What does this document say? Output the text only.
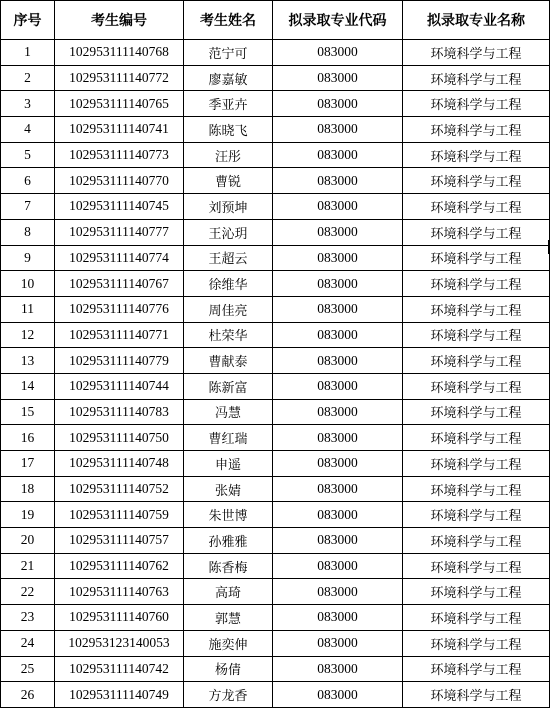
序号	考生编号	考生姓名	拟录取专业代码	拟录取专业名称
1	102953111140768	范宁可	083000	环境科学与工程
2	102953111140772	廖嘉敏	083000	环境科学与工程
3	102953111140765	季亚卉	083000	环境科学与工程
4	102953111140741	陈晓飞	083000	环境科学与工程
5	102953111140773	汪彤	083000	环境科学与工程
6	102953111140770	曹锐	083000	环境科学与工程
7	102953111140745	刘预坤	083000	环境科学与工程
8	102953111140777	王沁玥	083000	环境科学与工程
9	102953111140774	王超云	083000	环境科学与工程
10	102953111140767	徐维华	083000	环境科学与工程
11	102953111140776	周佳亮	083000	环境科学与工程
12	102953111140771	杜荣华	083000	环境科学与工程
13	102953111140779	曹献泰	083000	环境科学与工程
14	102953111140744	陈新富	083000	环境科学与工程
15	102953111140783	冯慧	083000	环境科学与工程
16	102953111140750	曹红瑞	083000	环境科学与工程
17	102953111140748	申遥	083000	环境科学与工程
18	102953111140752	张婧	083000	环境科学与工程
19	102953111140759	朱世博	083000	环境科学与工程
20	102953111140757	孙雅雅	083000	环境科学与工程
21	102953111140762	陈香梅	083000	环境科学与工程
22	102953111140763	高琦	083000	环境科学与工程
23	102953111140760	郭慧	083000	环境科学与工程
24	102953123140053	施奕伸	083000	环境科学与工程
25	102953111140742	杨倩	083000	环境科学与工程
26	102953111140749	方龙香	083000	环境科学与工程
